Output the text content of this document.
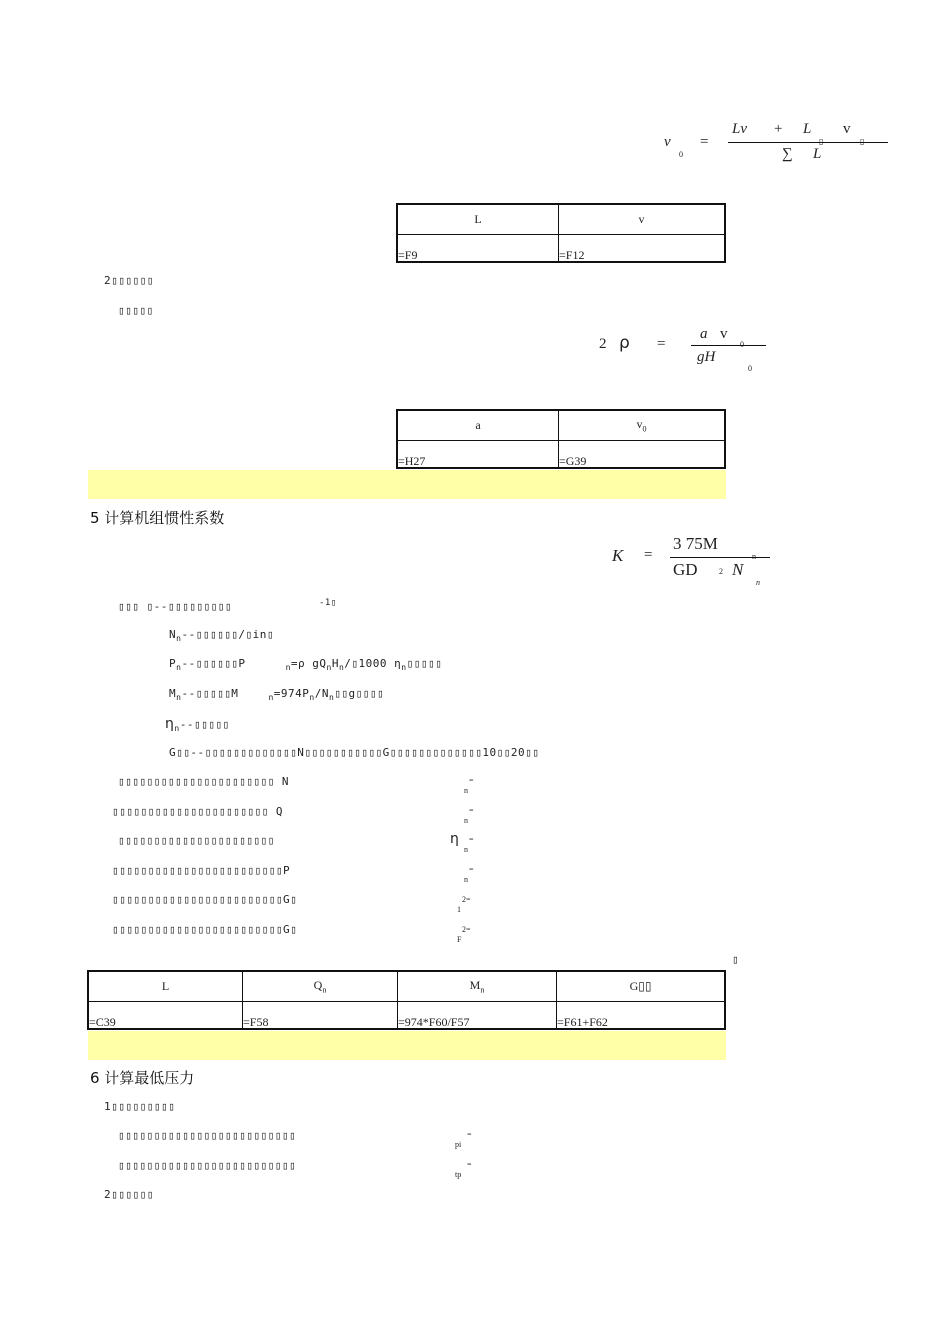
v
0
=
Lv + L v
∑ L
L	v
=F9	=F12
2▯▯▯▯▯▯
▯▯▯▯▯
2 ρ =
a v
gH
0
a	$v_0$
=H27	=G39
5 计算机组惯性系数
K =
3 75M
GD	2 N
n
▯▯▯ ▯--▯▯▯▯▯▯▯▯▯	-1▯
$N_n--▯▯▯▯▯▯/▯in▯$
$P_n--▯▯▯▯▯▯P$	$_n$=ρ $gQ_nH_n/▯1000$ $\eta_n▯▯▯▯▯$
$M_n--▯▯▯▯▯M$	$_n=974P_n/N_n▯▯g▯▯▯▯$
$\eta_n--▯▯▯▯▯$
G▯▯--▯▯▯▯▯▯▯▯▯▯▯▯▯N▯▯▯▯▯▯▯▯▯▯▯G▯▯▯▯▯▯▯▯▯▯▯▯▯10▯▯20▯▯
▯▯▯▯▯▯▯▯▯▯▯▯▯▯▯▯▯▯▯▯▯▯ N
n
=
▯▯▯▯▯▯▯▯▯▯▯▯▯▯▯▯▯▯▯▯▯▯ Q
n
=
▯▯▯▯▯▯▯▯▯▯▯▯▯▯▯▯▯▯▯▯▯▯	η
n
=
▯▯▯▯▯▯▯▯▯▯▯▯▯▯▯▯▯▯▯▯▯▯▯▯P
n
=
▯▯▯▯▯▯▯▯▯▯▯▯▯▯▯▯▯▯▯▯▯▯▯▯G▯
1
2=
▯▯▯▯▯▯▯▯▯▯▯▯▯▯▯▯▯▯▯▯▯▯▯▯G▯
F
2=
▯
L	$Q_n$	$M_n$	G▯▯
=C39	=F58	=974*F60/F57	=F61+F62
6 计算最低压力
1▯▯▯▯▯▯▯▯▯
▯▯▯▯▯▯▯▯▯▯▯▯▯▯▯▯▯▯▯▯▯▯▯▯▯
pi
=
▯▯▯▯▯▯▯▯▯▯▯▯▯▯▯▯▯▯▯▯▯▯▯▯▯
tp
=
2▯▯▯▯▯▯
